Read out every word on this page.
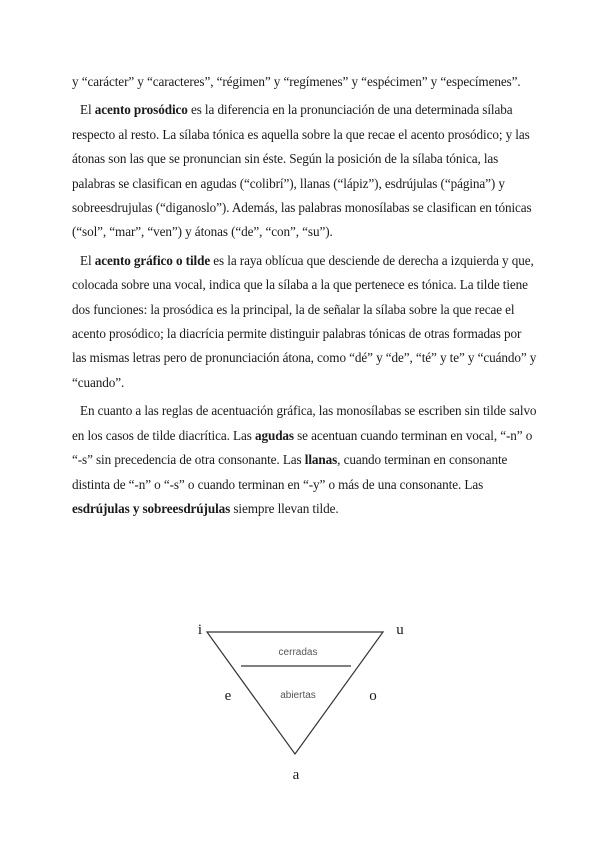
y “carácter” y “caracteres”, “régimen” y “regímenes” y “espécimen” y “especímenes”.

El acento prosódico es la diferencia en la pronunciación de una determinada sílaba respecto al resto. La sílaba tónica es aquella sobre la que recae el acento prosódico; y las átonas son las que se pronuncian sin éste. Según la posición de la sílaba tónica, las palabras se clasifican en agudas (“colibrí”), llanas (“lápiz”), esdrújulas (“página”) y sobreesdrujulas (“diganoslo”). Además, las palabras monosílabas se clasifican en tónicas (“sol”, “mar”, “ven”) y átonas (“de”, “con”, “su”).

El acento gráfico o tilde es la raya oblícua que desciende de derecha a izquierda y que, colocada sobre una vocal, indica que la sílaba a la que pertenece es tónica. La tilde tiene dos funciones: la prosódica es la principal, la de señalar la sílaba sobre la que recae el acento prosódico; la diacrícia permite distinguir palabras tónicas de otras formadas por las mismas letras pero de pronunciación átona, como “dé” y “de”, “té” y te” y “cuándo” y “cuando”.

En cuanto a las reglas de acentuación gráfica, las monosílabas se escriben sin tilde salvo en los casos de tilde diacrítica. Las agudas se acentuan cuando terminan en vocal, “-n” o “-s” sin precedencia de otra consonante. Las llanas, cuando terminan en consonante distinta de “-n” o “-s” o cuando terminan en “-y” o más de una consonante. Las esdrújulas y sobreesdrújulas siempre llevan tilde.

cerradas
abiertas
i	u
e	o
a
